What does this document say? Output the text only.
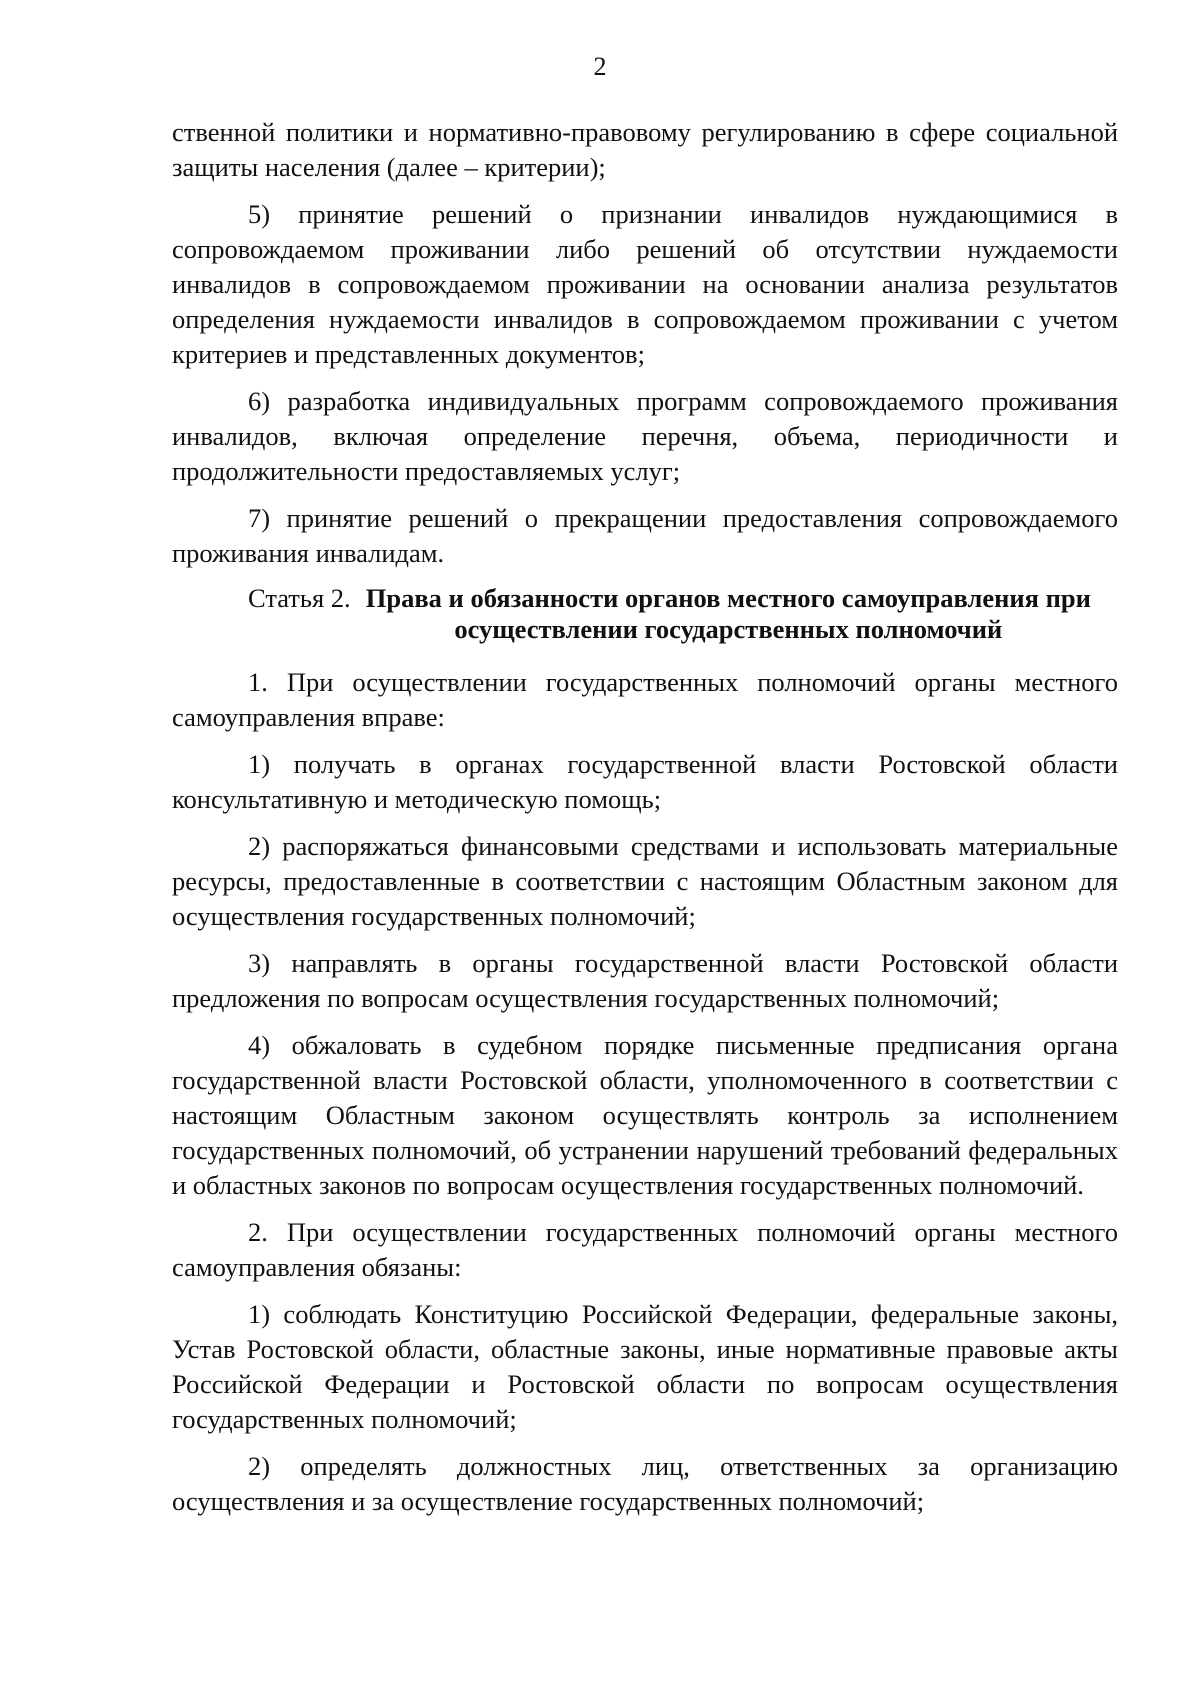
2

ственной политики и нормативно-правовому регулированию в сфере социальной защиты населения (далее – критерии);

5) принятие решений о признании инвалидов нуждающимися в сопровождаемом проживании либо решений об отсутствии нуждаемости инвалидов в сопровождаемом проживании на основании анализа результатов определения нуждаемости инвалидов в сопровождаемом проживании с учетом критериев и представленных документов;

6) разработка индивидуальных программ сопровождаемого проживания инвалидов, включая определение перечня, объема, периодичности и продолжительности предоставляемых услуг;

7) принятие решений о прекращении предоставления сопровождаемого проживания инвалидам.

Статья 2. Права и обязанности органов местного самоуправления при осуществлении государственных полномочий

1. При осуществлении государственных полномочий органы местного самоуправления вправе:

1) получать в органах государственной власти Ростовской области консультативную и методическую помощь;

2) распоряжаться финансовыми средствами и использовать материальные ресурсы, предоставленные в соответствии с настоящим Областным законом для осуществления государственных полномочий;

3) направлять в органы государственной власти Ростовской области предложения по вопросам осуществления государственных полномочий;

4) обжаловать в судебном порядке письменные предписания органа государственной власти Ростовской области, уполномоченного в соответствии с настоящим Областным законом осуществлять контроль за исполнением государственных полномочий, об устранении нарушений требований федеральных и областных законов по вопросам осуществления государственных полномочий.

2. При осуществлении государственных полномочий органы местного самоуправления обязаны:

1) соблюдать Конституцию Российской Федерации, федеральные законы, Устав Ростовской области, областные законы, иные нормативные правовые акты Российской Федерации и Ростовской области по вопросам осуществления государственных полномочий;

2) определять должностных лиц, ответственных за организацию осуществления и за осуществление государственных полномочий;
